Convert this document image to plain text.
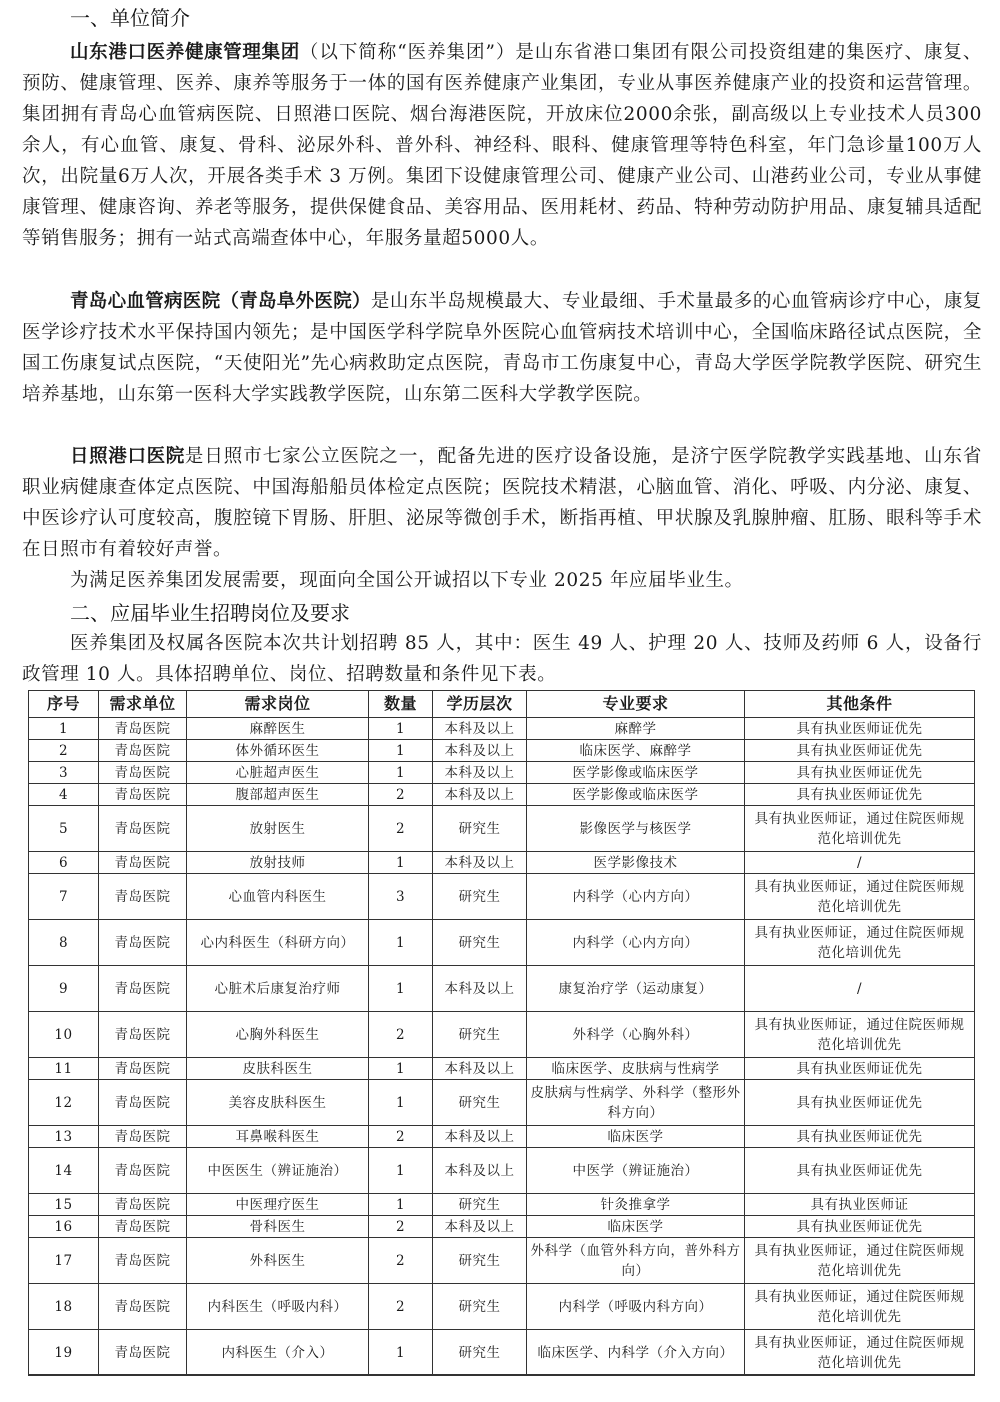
一、单位简介

山东港口医养健康管理集团（以下简称“医养集团”）是山东省港口集团有限公司投资组建的集医疗、康复、预防、健康管理、医养、康养等服务于一体的国有医养健康产业集团，专业从事医养健康产业的投资和运营管理。集团拥有青岛心血管病医院、日照港口医院、烟台海港医院，开放床位2000余张，副高级以上专业技术人员300余人，有心血管、康复、骨科、泌尿外科、普外科、神经科、眼科、健康管理等特色科室，年门急诊量100万人次，出院量6万人次，开展各类手术 3 万例。集团下设健康管理公司、健康产业公司、山港药业公司，专业从事健康管理、健康咨询、养老等服务，提供保健食品、美容用品、医用耗材、药品、特种劳动防护用品、康复辅具适配等销售服务；拥有一站式高端查体中心，年服务量超5000人。

青岛心血管病医院（青岛阜外医院）是山东半岛规模最大、专业最细、手术量最多的心血管病诊疗中心，康复医学诊疗技术水平保持国内领先；是中国医学科学院阜外医院心血管病技术培训中心，全国临床路径试点医院，全国工伤康复试点医院，“天使阳光”先心病救助定点医院，青岛市工伤康复中心，青岛大学医学院教学医院、研究生培养基地，山东第一医科大学实践教学医院，山东第二医科大学教学医院。

日照港口医院是日照市七家公立医院之一，配备先进的医疗设备设施，是济宁医学院教学实践基地、山东省职业病健康查体定点医院、中国海船船员体检定点医院；医院技术精湛，心脑血管、消化、呼吸、内分泌、康复、中医诊疗认可度较高，腹腔镜下胃肠、肝胆、泌尿等微创手术，断指再植、甲状腺及乳腺肿瘤、肛肠、眼科等手术在日照市有着较好声誉。

为满足医养集团发展需要，现面向全国公开诚招以下专业 2025 年应届毕业生。

二、应届毕业生招聘岗位及要求

医养集团及权属各医院本次共计划招聘 85 人，其中：医生 49 人、护理 20 人、技师及药师 6 人，设备行政管理 10 人。具体招聘单位、岗位、招聘数量和条件见下表。

序号	需求单位	需求岗位	数量	学历层次	专业要求	其他条件
1	青岛医院	麻醉医生	1	本科及以上	麻醉学	具有执业医师证优先
2	青岛医院	体外循环医生	1	本科及以上	临床医学、麻醉学	具有执业医师证优先
3	青岛医院	心脏超声医生	1	本科及以上	医学影像或临床医学	具有执业医师证优先
4	青岛医院	腹部超声医生	2	本科及以上	医学影像或临床医学	具有执业医师证优先
5	青岛医院	放射医生	2	研究生	影像医学与核医学	具有执业医师证，通过住院医师规范化培训优先
6	青岛医院	放射技师	1	本科及以上	医学影像技术	/
7	青岛医院	心血管内科医生	3	研究生	内科学（心内方向）	具有执业医师证，通过住院医师规范化培训优先
8	青岛医院	心内科医生（科研方向）	1	研究生	内科学（心内方向）	具有执业医师证，通过住院医师规范化培训优先
9	青岛医院	心脏术后康复治疗师	1	本科及以上	康复治疗学（运动康复）	/
10	青岛医院	心胸外科医生	2	研究生	外科学（心胸外科）	具有执业医师证，通过住院医师规范化培训优先
11	青岛医院	皮肤科医生	1	本科及以上	临床医学、皮肤病与性病学	具有执业医师证优先
12	青岛医院	美容皮肤科医生	1	研究生	皮肤病与性病学、外科学（整形外科方向）	具有执业医师证优先
13	青岛医院	耳鼻喉科医生	2	本科及以上	临床医学	具有执业医师证优先
14	青岛医院	中医医生（辨证施治）	1	本科及以上	中医学（辨证施治）	具有执业医师证优先
15	青岛医院	中医理疗医生	1	研究生	针灸推拿学	具有执业医师证
16	青岛医院	骨科医生	2	本科及以上	临床医学	具有执业医师证优先
17	青岛医院	外科医生	2	研究生	外科学（血管外科方向，普外科方向）	具有执业医师证，通过住院医师规范化培训优先
18	青岛医院	内科医生（呼吸内科）	2	研究生	内科学（呼吸内科方向）	具有执业医师证，通过住院医师规范化培训优先
19	青岛医院	内科医生（介入）	1	研究生	临床医学、内科学（介入方向）	具有执业医师证，通过住院医师规范化培训优先
